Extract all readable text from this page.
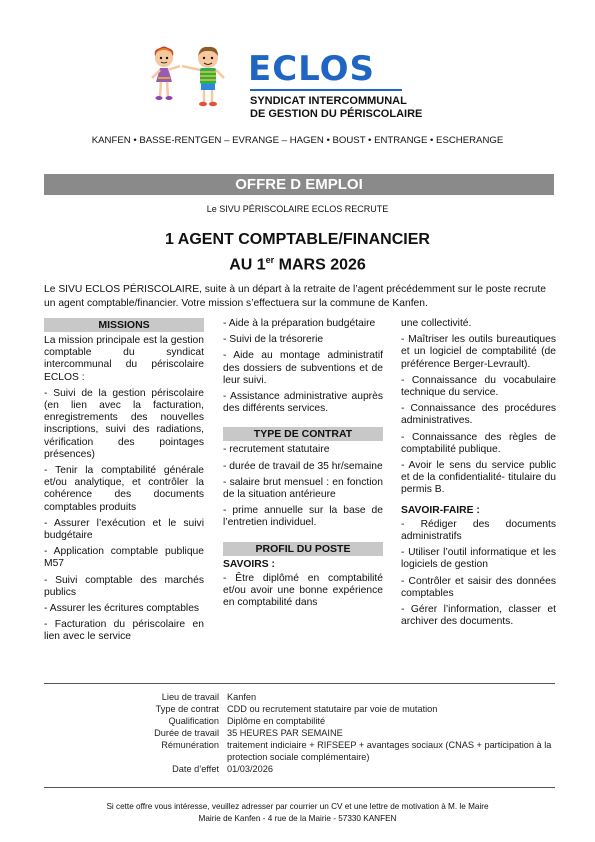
ECLOS
SYNDICAT INTERCOMMUNAL
DE GESTION DU PÉRISCOLAIRE
KANFEN • BASSE-RENTGEN – EVRANGE – HAGEN • BOUST • ENTRANGE • ESCHERANGE
OFFRE D EMPLOI
Le SIVU PÉRISCOLAIRE ECLOS RECRUTE
1 AGENT COMPTABLE/FINANCIER
AU 1er MARS 2026
Le SIVU ECLOS PÉRISCOLAIRE, suite à un départ à la retraite de l’agent précédemment sur le poste recrute un agent comptable/financier. Votre mission s’effectuera sur la commune de Kanfen.
MISSIONS

La mission principale est la gestion comptable du syndicat intercommunal du périscolaire ECLOS :

- Suivi de la gestion périscolaire (en lien avec la facturation, enregistrements des nouvelles inscriptions, suivi des radiations, vérification des pointages présences)

- Tenir la comptabilité générale et/ou analytique, et contrôler la cohérence des documents comptables produits

- Assurer l’exécution et le suivi budgétaire

- Application comptable publique M57

- Suivi comptable des marchés publics

- Assurer les écritures comptables

- Facturation du périscolaire en lien avec le service

- Aide à la préparation budgétaire

- Suivi de la trésorerie

- Aide au montage administratif des dossiers de subventions et de leur suivi.

- Assistance administrative auprès des différents services.

TYPE DE CONTRAT

- recrutement statutaire

- durée de travail de 35 hr/semaine

- salaire brut mensuel : en fonction de la situation antérieure

- prime annuelle sur la base de l’entretien individuel.

PROFIL DU POSTE

SAVOIRS :

- Être diplômé en comptabilité et/ou avoir une bonne expérience en comptabilité dans

une collectivité.

- Maîtriser les outils bureautiques et un logiciel de comptabilité (de préférence Berger-Levrault).

- Connaissance du vocabulaire technique du service.

- Connaissance des procédures administratives.

- Connaissance des règles de comptabilité publique.

- Avoir le sens du service public et de la confidentialité- titulaire du permis B.

SAVOIR-FAIRE :

- Rédiger des documents administratifs

- Utiliser l’outil informatique et les logiciels de gestion

- Contrôler et saisir des données comptables

- Gérer l’information, classer et archiver des documents.

Lieu de travail Kanfen
Type de contrat CDD ou recrutement statutaire par voie de mutation
Qualification Diplôme en comptabilité
Durée de travail 35 HEURES PAR SEMAINE
Rémunération traitement indiciaire + RIFSEEP + avantages sociaux (CNAS + participation à la protection sociale complémentaire)
Date d’effet 01/03/2026
Si cette offre vous intéresse, veuillez adresser par courrier un CV et une lettre de motivation à M. le Maire
Mairie de Kanfen - 4 rue de la Mairie - 57330 KANFEN
